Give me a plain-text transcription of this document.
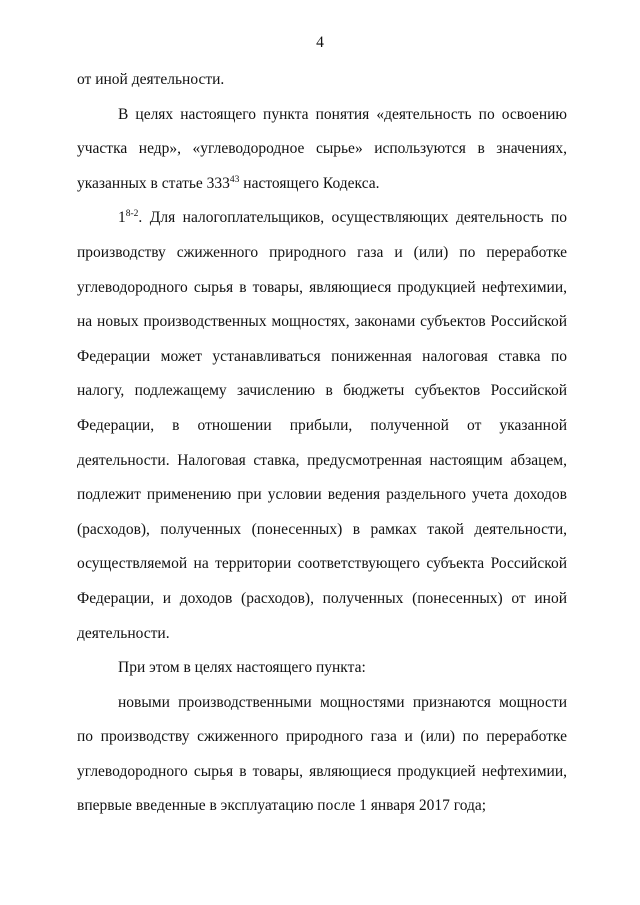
4

от иной деятельности.

В целях настоящего пункта понятия «деятельность по освоению участка недр», «углеводородное сырье» используются в значениях, указанных в статье $333^{43}$ настоящего Кодекса.

1$^{8-2}$. Для налогоплательщиков, осуществляющих деятельность по производству сжиженного природного газа и (или) по переработке углеводородного сырья в товары, являющиеся продукцией нефтехимии, на новых производственных мощностях, законами субъектов Российской Федерации может устанавливаться пониженная налоговая ставка по налогу, подлежащему зачислению в бюджеты субъектов Российской Федерации, в отношении прибыли, полученной от указанной деятельности. Налоговая ставка, предусмотренная настоящим абзацем, подлежит применению при условии ведения раздельного учета доходов (расходов), полученных (понесенных) в рамках такой деятельности, осуществляемой на территории соответствующего субъекта Российской Федерации, и доходов (расходов), полученных (понесенных) от иной деятельности.

При этом в целях настоящего пункта:

новыми производственными мощностями признаются мощности по производству сжиженного природного газа и (или) по переработке углеводородного сырья в товары, являющиеся продукцией нефтехимии, впервые введенные в эксплуатацию после 1 января 2017 года;
